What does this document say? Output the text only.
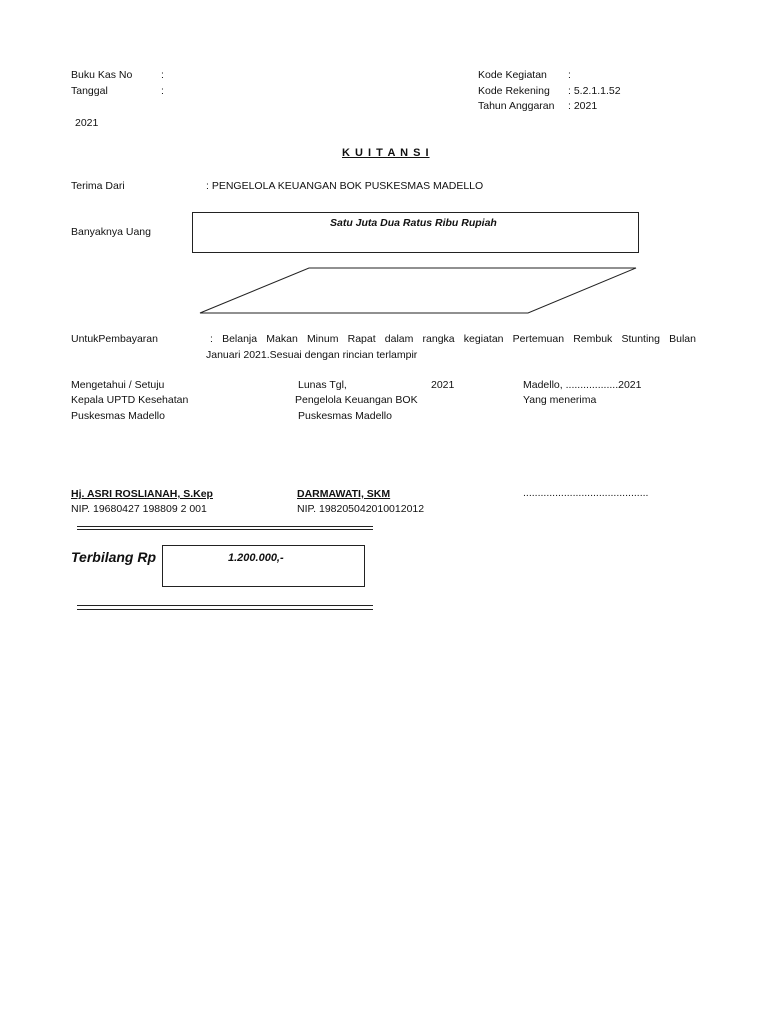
Buku Kas No	:
Tanggal	:
2021
Kode Kegiatan :
Kode Rekening : 5.2.1.1.52
Tahun Anggaran : 2021
K U I T A N S I
Terima Dari	: PENGELOLA KEUANGAN BOK PUSKESMAS MADELLO
Banyaknya Uang
Satu Juta Dua Ratus Ribu Rupiah
UntukPembayaran	: Belanja Makan Minum Rapat dalam rangka kegiatan Pertemuan Rembuk Stunting Bulan
Januari 2021.Sesuai dengan rincian terlampir
Mengetahui / Setuju
Kepala UPTD Kesehatan
Puskesmas Madello
Hj. ASRI ROSLIANAH, S.Kep
NIP. 19680427 198809 2 001
Lunas Tgl,	2021
Pengelola Keuangan BOK
Puskesmas Madello
DARMAWATI, SKM
NIP. 198205042010012012
Madello, ..................2021
Yang menerima
...........................................
Terbilang Rp	1.200.000,-
